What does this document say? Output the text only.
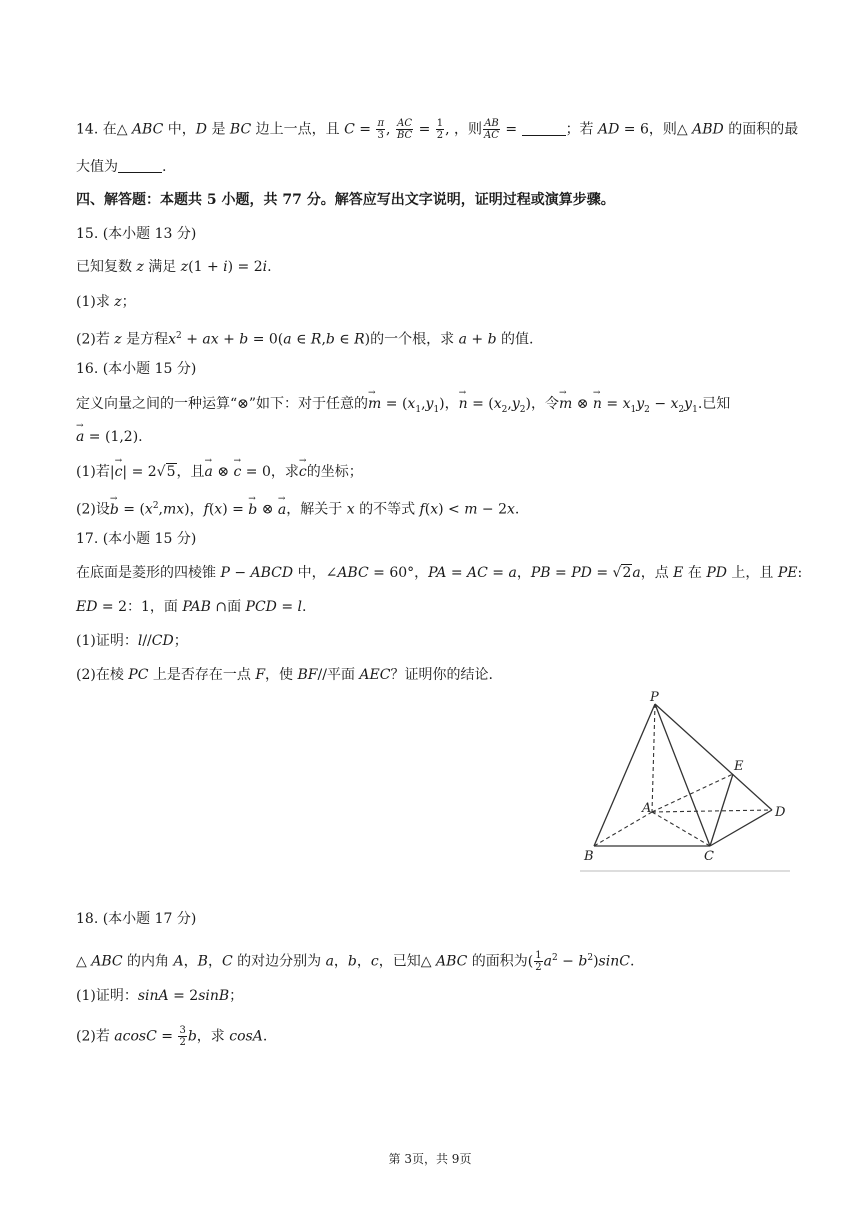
14. 在△ ABC 中，D 是 BC 边上一点，且 $C = \frac{\pi}{3}$ , $\frac{AC}{BC} = \frac{1}{2}$ , ，则 $\frac{AB}{AC}$ =	；若 AD = 6，则△ ABD 的面积的最
大值为	.
四、解答题：本题共 5 小题，共 77 分。解答应写出文字说明，证明过程或演算步骤。
15. (本小题 13 分)
已知复数 z 满足 z(1 + i) = 2i.
(1)求 z；
(2)若 z 是方程$x^2$ + ax + b = 0(a ∈ R,b ∈ R)的一个根，求 a + b 的值.
16. (本小题 15 分)
定义向量之间的一种运算“⊗”如下：对于任意的→ $m = (x_1,y_1)$，→ $n = (x_2,y_2)$，令→ m ⊗ → $n = x_1y_2 - x_2y_1$.已知
→ a = (1,2).
(1)若|→ c| = 2√5，且→ a ⊗ → c = 0，求→ c的坐标；
(2)设→ $b = (x^2,mx)$，f(x) = → b ⊗ → a，解关于 x 的不等式 f(x) < m − 2x.
17. (本小题 15 分)
在底面是菱形的四棱锥 P − ABCD 中，∠ABC = 60°，PA = AC = a，PB = PD = √2a，点 E 在 PD 上，且 PE:
ED = 2：1，面 PAB ∩面 PCD = l.
(1)证明：l//CD；
(2)在棱 PC 上是否存在一点 F，使 BF//平面 AEC？证明你的结论.
P
E
A	D
B	C
18. (本小题 17 分)
△ ABC 的内角 A，B，C 的对边分别为 a，b，c，已知△ ABC 的面积为( $\frac{1}{2} a^2 - b^2)\sin C$.
(1)证明：sinA = 2sinB；
(2)若 $acosC = \frac{3}{2}$ b，求 cosA.
第 3页，共 9页
